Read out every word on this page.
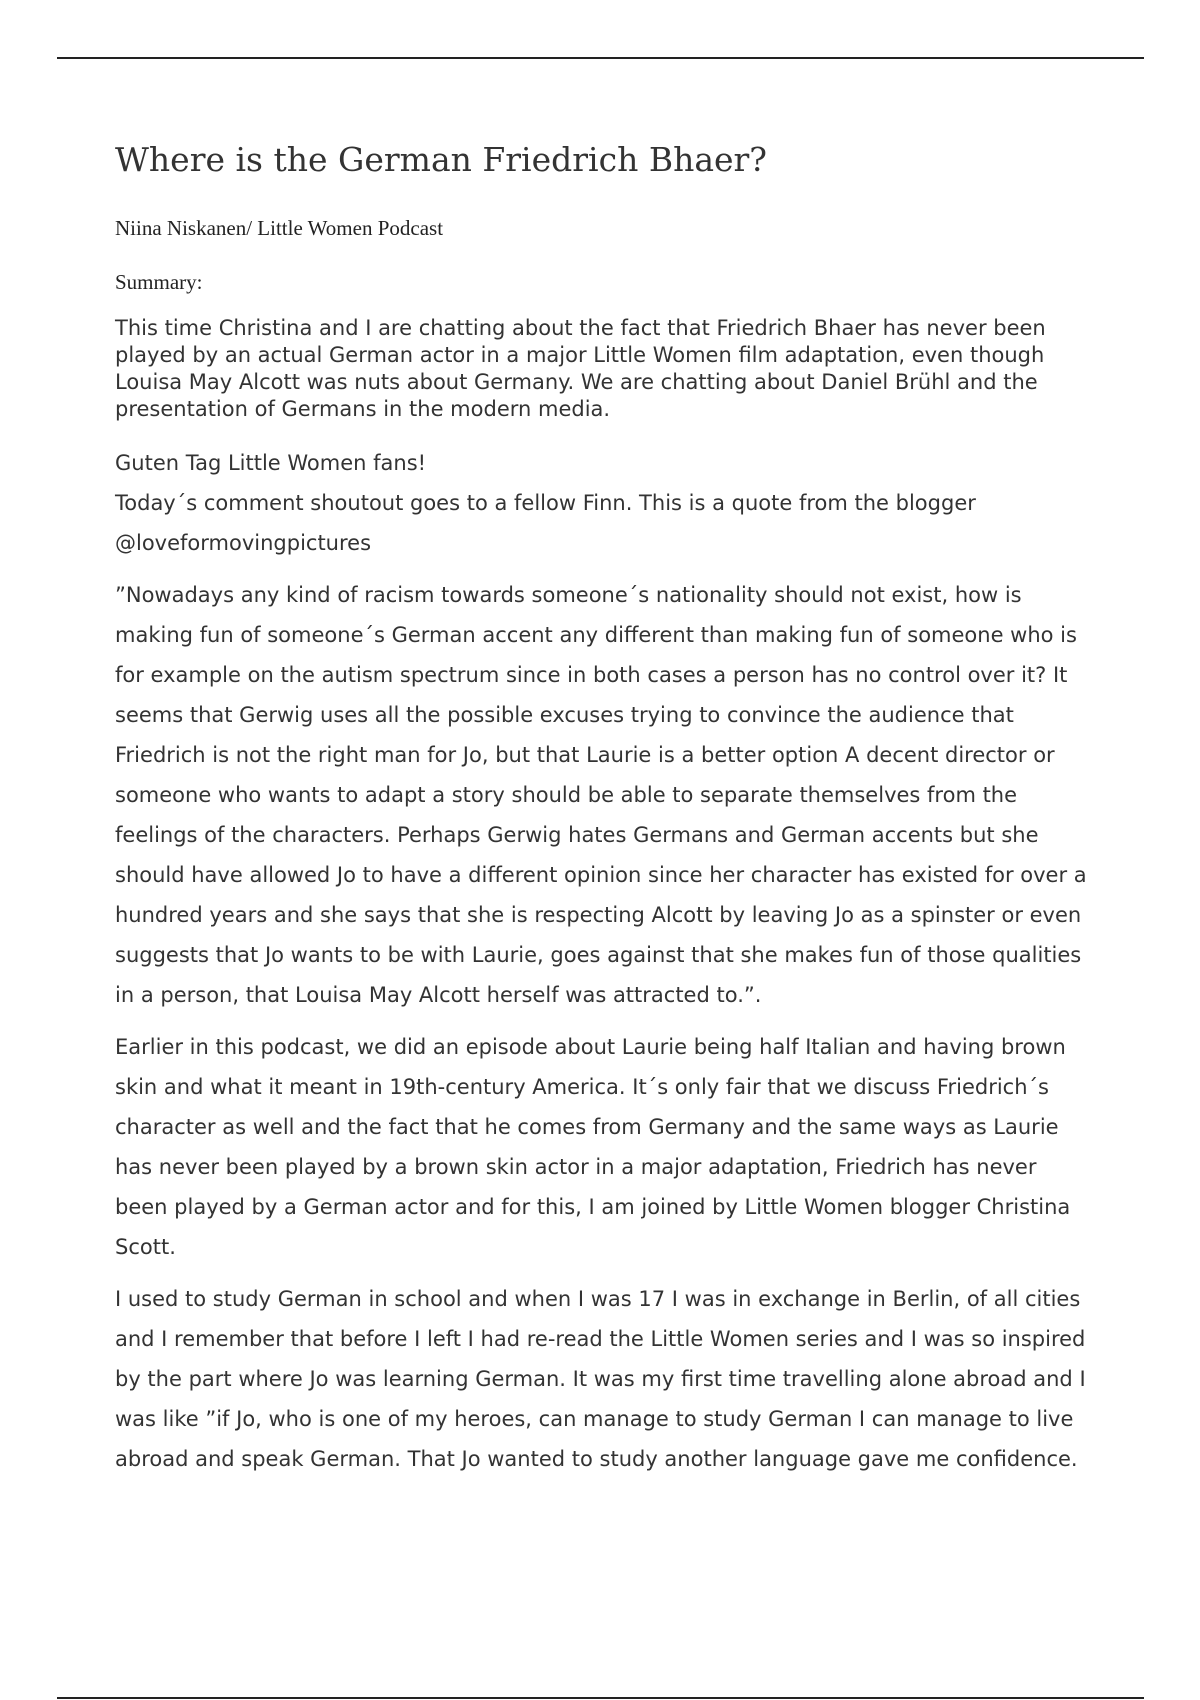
Where is the German Friedrich Bhaer?

Niina Niskanen/ Little Women Podcast

Summary:

This time Christina and I are chatting about the fact that Friedrich Bhaer has never been played by an actual German actor in a major Little Women film adaptation, even though Louisa May Alcott was nuts about Germany. We are chatting about Daniel Brühl and the presentation of Germans in the modern media.

Guten Tag Little Women fans!
Today´s comment shoutout goes to a fellow Finn. This is a quote from the blogger @loveformovingpictures

”Nowadays any kind of racism towards someone´s nationality should not exist, how is making fun of someone´s German accent any different than making fun of someone who is for example on the autism spectrum since in both cases a person has no control over it? It seems that Gerwig uses all the possible excuses trying to convince the audience that Friedrich is not the right man for Jo, but that Laurie is a better option A decent director or someone who wants to adapt a story should be able to separate themselves from the feelings of the characters. Perhaps Gerwig hates Germans and German accents but she should have allowed Jo to have a different opinion since her character has existed for over a hundred years and she says that she is respecting Alcott by leaving Jo as a spinster or even suggests that Jo wants to be with Laurie, goes against that she makes fun of those qualities in a person, that Louisa May Alcott herself was attracted to.”.

Earlier in this podcast, we did an episode about Laurie being half Italian and having brown skin and what it meant in 19th-century America. It´s only fair that we discuss Friedrich´s character as well and the fact that he comes from Germany and the same ways as Laurie has never been played by a brown skin actor in a major adaptation, Friedrich has never been played by a German actor and for this, I am joined by Little Women blogger Christina Scott.

I used to study German in school and when I was 17 I was in exchange in Berlin, of all cities and I remember that before I left I had re-read the Little Women series and I was so inspired by the part where Jo was learning German. It was my first time travelling alone abroad and I was like ”if Jo, who is one of my heroes, can manage to study German I can manage to live abroad and speak German. That Jo wanted to study another language gave me confidence.
